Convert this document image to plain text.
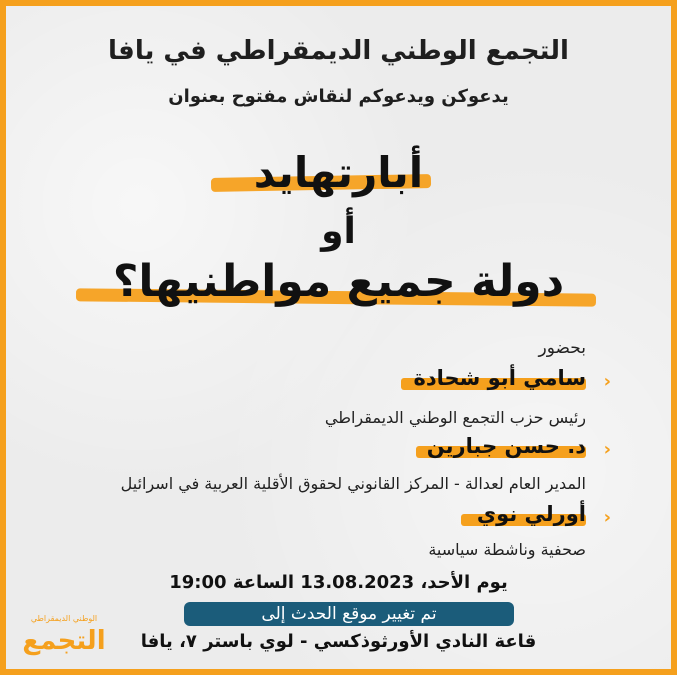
التجمع الوطني الديمقراطي في يافا
يدعوكن ويدعوكم لنقاش مفتوح بعنوان
أبارتهايد
أو
دولة جميع مواطنيها؟
بحضور
‹
سامي أبو شحادة
رئيس حزب التجمع الوطني الديمقراطي
‹
د. حسن جبارين
المدير العام لعدالة - المركز القانوني لحقوق الأقلية العربية في اسرائيل
‹
أورلي نوي
صحفية وناشطة سياسية
يوم الأحد، 13.08.2023 الساعة 19:00
تم تغيير موقع الحدث إلى
قاعة النادي الأورثوذكسي - لوي باستر ٧، يافا
الوطني الديمقراطي
التجمع
